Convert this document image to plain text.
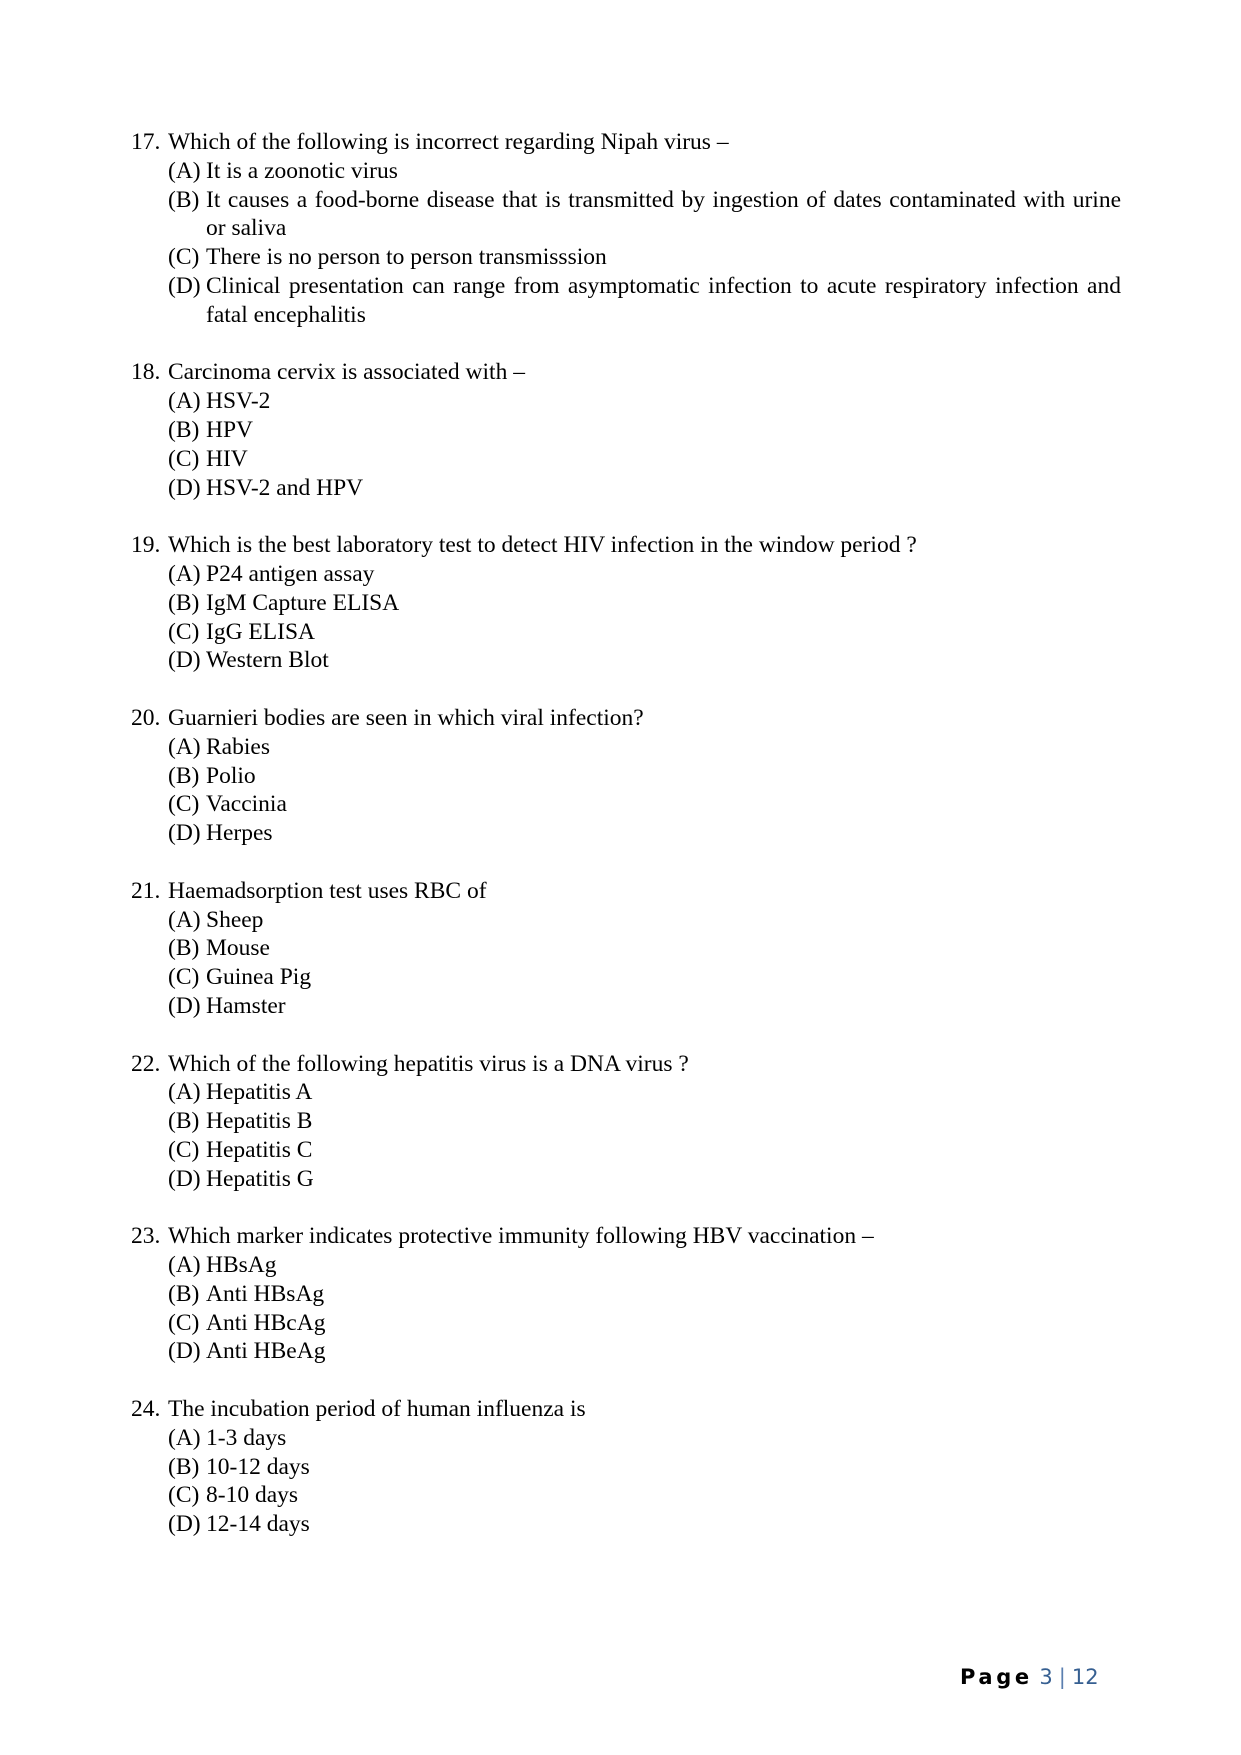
17. Which of the following is incorrect regarding Nipah virus –
(A) It is a zoonotic virus
(B) It causes a food-borne disease that is transmitted by ingestion of dates contaminated with urine or saliva
(C) There is no person to person transmisssion
(D) Clinical presentation can range from asymptomatic infection to acute respiratory infection and fatal encephalitis
18. Carcinoma cervix is associated with –
(A) HSV-2
(B) HPV
(C) HIV
(D) HSV-2 and HPV
19. Which is the best laboratory test to detect HIV infection in the window period ?
(A) P24 antigen assay
(B) IgM Capture ELISA
(C) IgG ELISA
(D) Western Blot
20. Guarnieri bodies are seen in which viral infection?
(A) Rabies
(B) Polio
(C) Vaccinia
(D) Herpes
21. Haemadsorption test uses RBC of
(A) Sheep
(B) Mouse
(C) Guinea Pig
(D) Hamster
22. Which of the following hepatitis virus is a DNA virus ?
(A) Hepatitis A
(B) Hepatitis B
(C) Hepatitis C
(D) Hepatitis G
23. Which marker indicates protective immunity following HBV vaccination –
(A) HBsAg
(B) Anti HBsAg
(C) Anti HBcAg
(D) Anti HBeAg
24. The incubation period of human influenza is
(A) 1-3 days
(B) 10-12 days
(C) 8-10 days
(D) 12-14 days
Page 3 | 12
